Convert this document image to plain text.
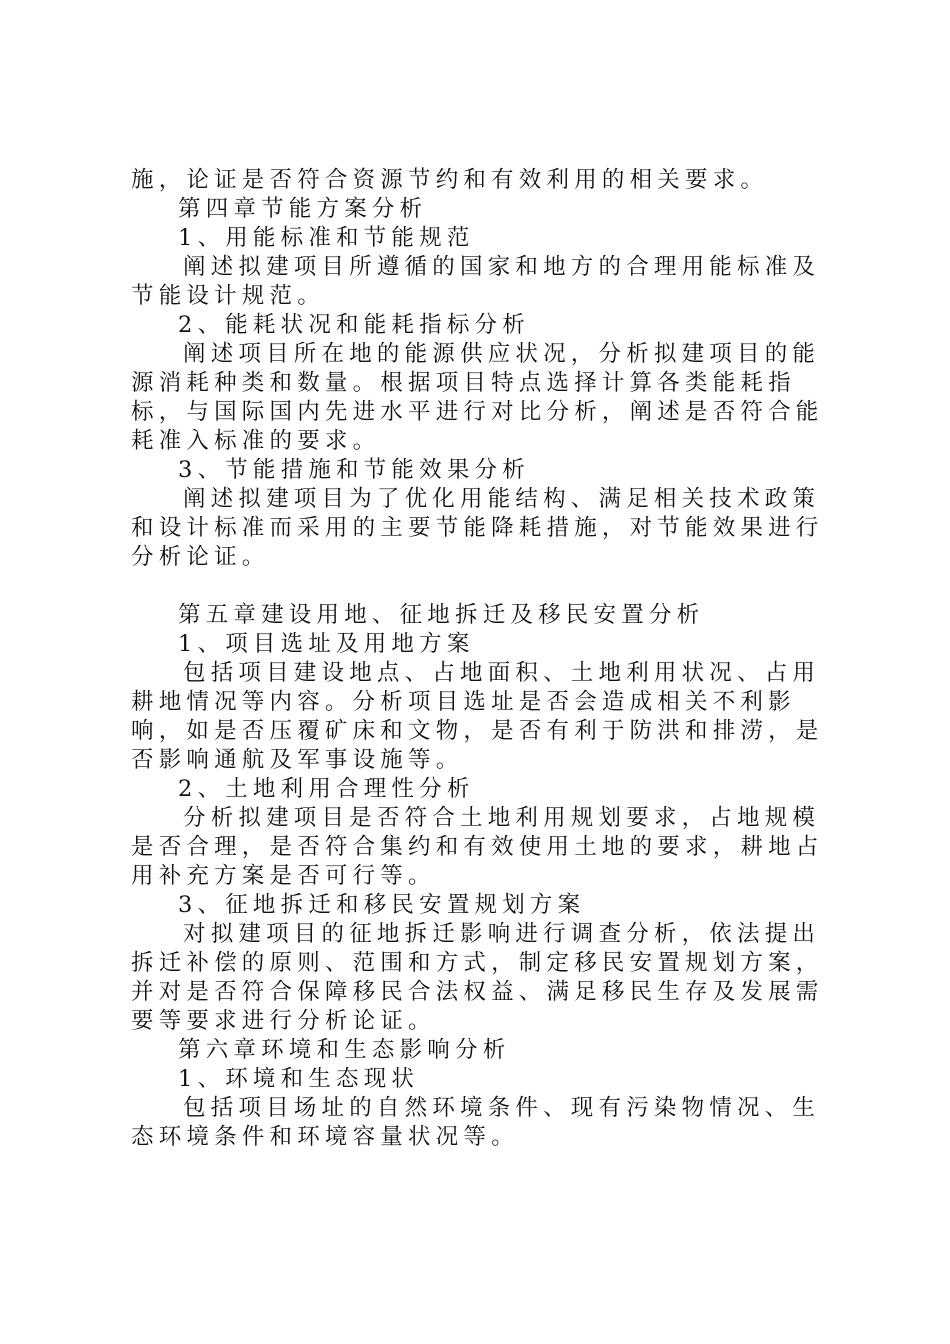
施，论证是否符合资源节约和有效利用的相关要求。

第四章节能方案分析

1、用能标准和节能规范

阐述拟建项目所遵循的国家和地方的合理用能标准及节能设计规范。

2、能耗状况和能耗指标分析

阐述项目所在地的能源供应状况，分析拟建项目的能源消耗种类和数量。根据项目特点选择计算各类能耗指标，与国际国内先进水平进行对比分析，阐述是否符合能耗准入标准的要求。

3、节能措施和节能效果分析

阐述拟建项目为了优化用能结构、满足相关技术政策和设计标准而采用的主要节能降耗措施，对节能效果进行分析论证。

第五章建设用地、征地拆迁及移民安置分析

1、项目选址及用地方案

包括项目建设地点、占地面积、土地利用状况、占用耕地情况等内容。分析项目选址是否会造成相关不利影响，如是否压覆矿床和文物，是否有利于防洪和排涝，是否影响通航及军事设施等。

2、土地利用合理性分析

分析拟建项目是否符合土地利用规划要求，占地规模是否合理，是否符合集约和有效使用土地的要求，耕地占用补充方案是否可行等。

3、征地拆迁和移民安置规划方案

对拟建项目的征地拆迁影响进行调查分析，依法提出拆迁补偿的原则、范围和方式，制定移民安置规划方案，并对是否符合保障移民合法权益、满足移民生存及发展需要等要求进行分析论证。

第六章环境和生态影响分析

1、环境和生态现状

包括项目场址的自然环境条件、现有污染物情况、生态环境条件和环境容量状况等。
